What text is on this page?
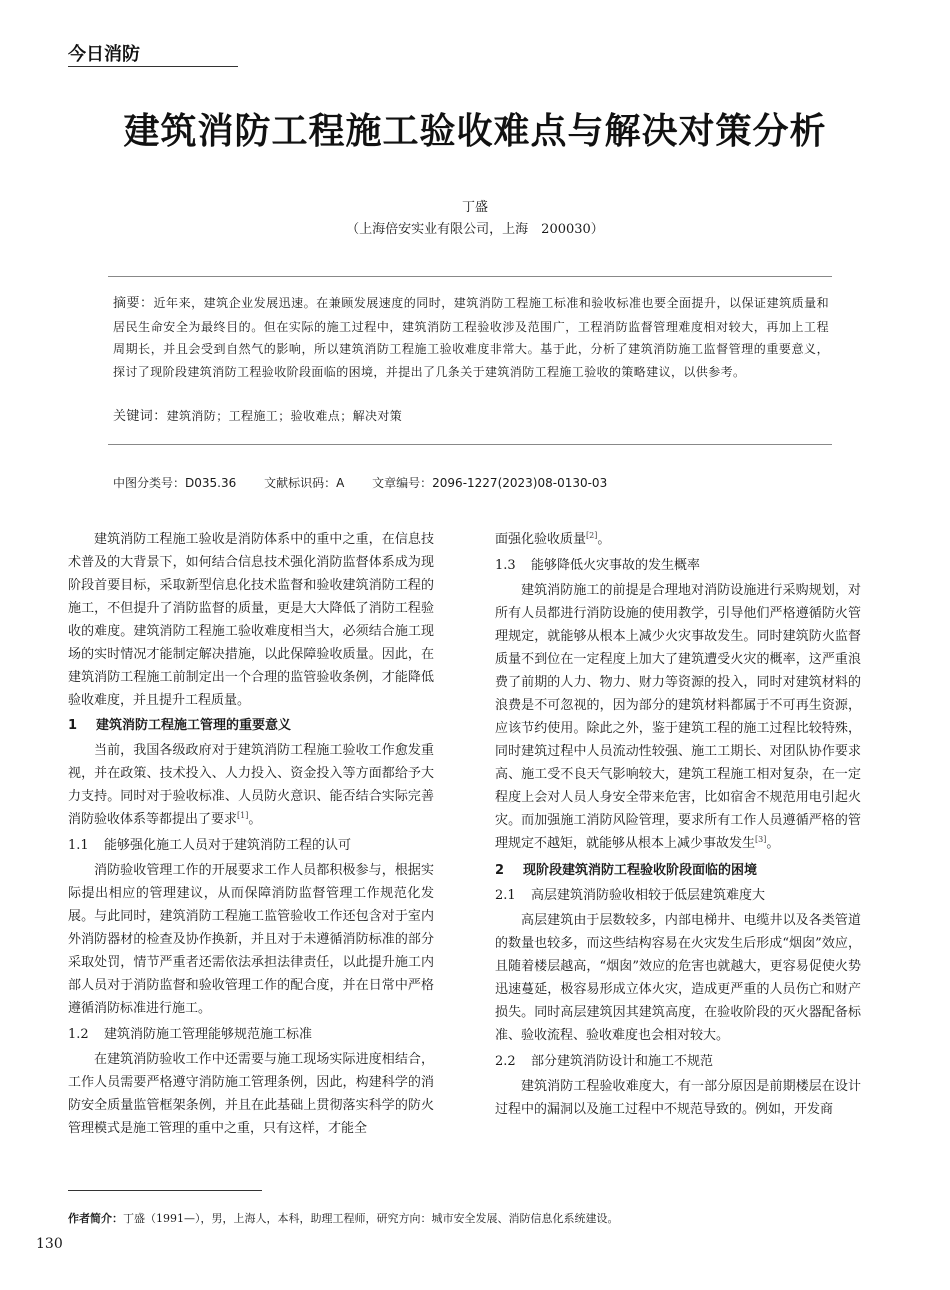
今日消防
建筑消防工程施工验收难点与解决对策分析
丁盛
（上海倍安实业有限公司，上海　200030）
摘要：近年来，建筑企业发展迅速。在兼顾发展速度的同时，建筑消防工程施工标准和验收标准也要全面提升，以保证建筑质量和居民生命安全为最终目的。但在实际的施工过程中，建筑消防工程验收涉及范围广，工程消防监督管理难度相对较大，再加上工程周期长，并且会受到自然气的影响，所以建筑消防工程施工验收难度非常大。基于此，分析了建筑消防施工监督管理的重要意义，探讨了现阶段建筑消防工程验收阶段面临的困境，并提出了几条关于建筑消防工程施工验收的策略建议，以供参考。
关键词：建筑消防；工程施工；验收难点；解决对策
中图分类号：D035.36 文献标识码：A 文章编号：2096-1227(2023)08-0130-03

建筑消防工程施工验收是消防体系中的重中之重，在信息技术普及的大背景下，如何结合信息技术强化消防监督体系成为现阶段首要目标，采取新型信息化技术监督和验收建筑消防工程的施工，不但提升了消防监督的质量，更是大大降低了消防工程验收的难度。建筑消防工程施工验收难度相当大，必须结合施工现场的实时情况才能制定解决措施，以此保障验收质量。因此，在建筑消防工程施工前制定出一个合理的监管验收条例，才能降低验收难度，并且提升工程质量。

1 建筑消防工程施工管理的重要意义

当前，我国各级政府对于建筑消防工程施工验收工作愈发重视，并在政策、技术投入、人力投入、资金投入等方面都给予大力支持。同时对于验收标准、人员防火意识、能否结合实际完善消防验收体系等都提出了要求[1]。

1.1 能够强化施工人员对于建筑消防工程的认可

消防验收管理工作的开展要求工作人员都积极参与，根据实际提出相应的管理建议，从而保障消防监督管理工作规范化发展。与此同时，建筑消防工程施工监管验收工作还包含对于室内外消防器材的检查及协作换新，并且对于未遵循消防标准的部分采取处罚，情节严重者还需依法承担法律责任，以此提升施工内部人员对于消防监督和验收管理工作的配合度，并在日常中严格遵循消防标准进行施工。

1.2 建筑消防施工管理能够规范施工标准

在建筑消防验收工作中还需要与施工现场实际进度相结合，工作人员需要严格遵守消防施工管理条例，因此，构建科学的消防安全质量监管框架条例，并且在此基础上贯彻落实科学的防火管理模式是施工管理的重中之重，只有这样，才能全

面强化验收质量[2]。

1.3 能够降低火灾事故的发生概率

建筑消防施工的前提是合理地对消防设施进行采购规划，对所有人员都进行消防设施的使用教学，引导他们严格遵循防火管理规定，就能够从根本上减少火灾事故发生。同时建筑防火监督质量不到位在一定程度上加大了建筑遭受火灾的概率，这严重浪费了前期的人力、物力、财力等资源的投入，同时对建筑材料的浪费是不可忽视的，因为部分的建筑材料都属于不可再生资源，应该节约使用。除此之外，鉴于建筑工程的施工过程比较特殊，同时建筑过程中人员流动性较强、施工工期长、对团队协作要求高、施工受不良天气影响较大，建筑工程施工相对复杂，在一定程度上会对人员人身安全带来危害，比如宿舍不规范用电引起火灾。而加强施工消防风险管理，要求所有工作人员遵循严格的管理规定不越矩，就能够从根本上减少事故发生[3]。

2 现阶段建筑消防工程验收阶段面临的困境

2.1 高层建筑消防验收相较于低层建筑难度大

高层建筑由于层数较多，内部电梯井、电缆井以及各类管道的数量也较多，而这些结构容易在火灾发生后形成“烟囱”效应，且随着楼层越高，“烟囱”效应的危害也就越大，更容易促使火势迅速蔓延，极容易形成立体火灾，造成更严重的人员伤亡和财产损失。同时高层建筑因其建筑高度，在验收阶段的灭火器配备标准、验收流程、验收难度也会相对较大。

2.2 部分建筑消防设计和施工不规范

建筑消防工程验收难度大，有一部分原因是前期楼层在设计过程中的漏洞以及施工过程中不规范导致的。例如，开发商

作者简介：丁盛（1991—），男，上海人，本科，助理工程师，研究方向：城市安全发展、消防信息化系统建设。
130
